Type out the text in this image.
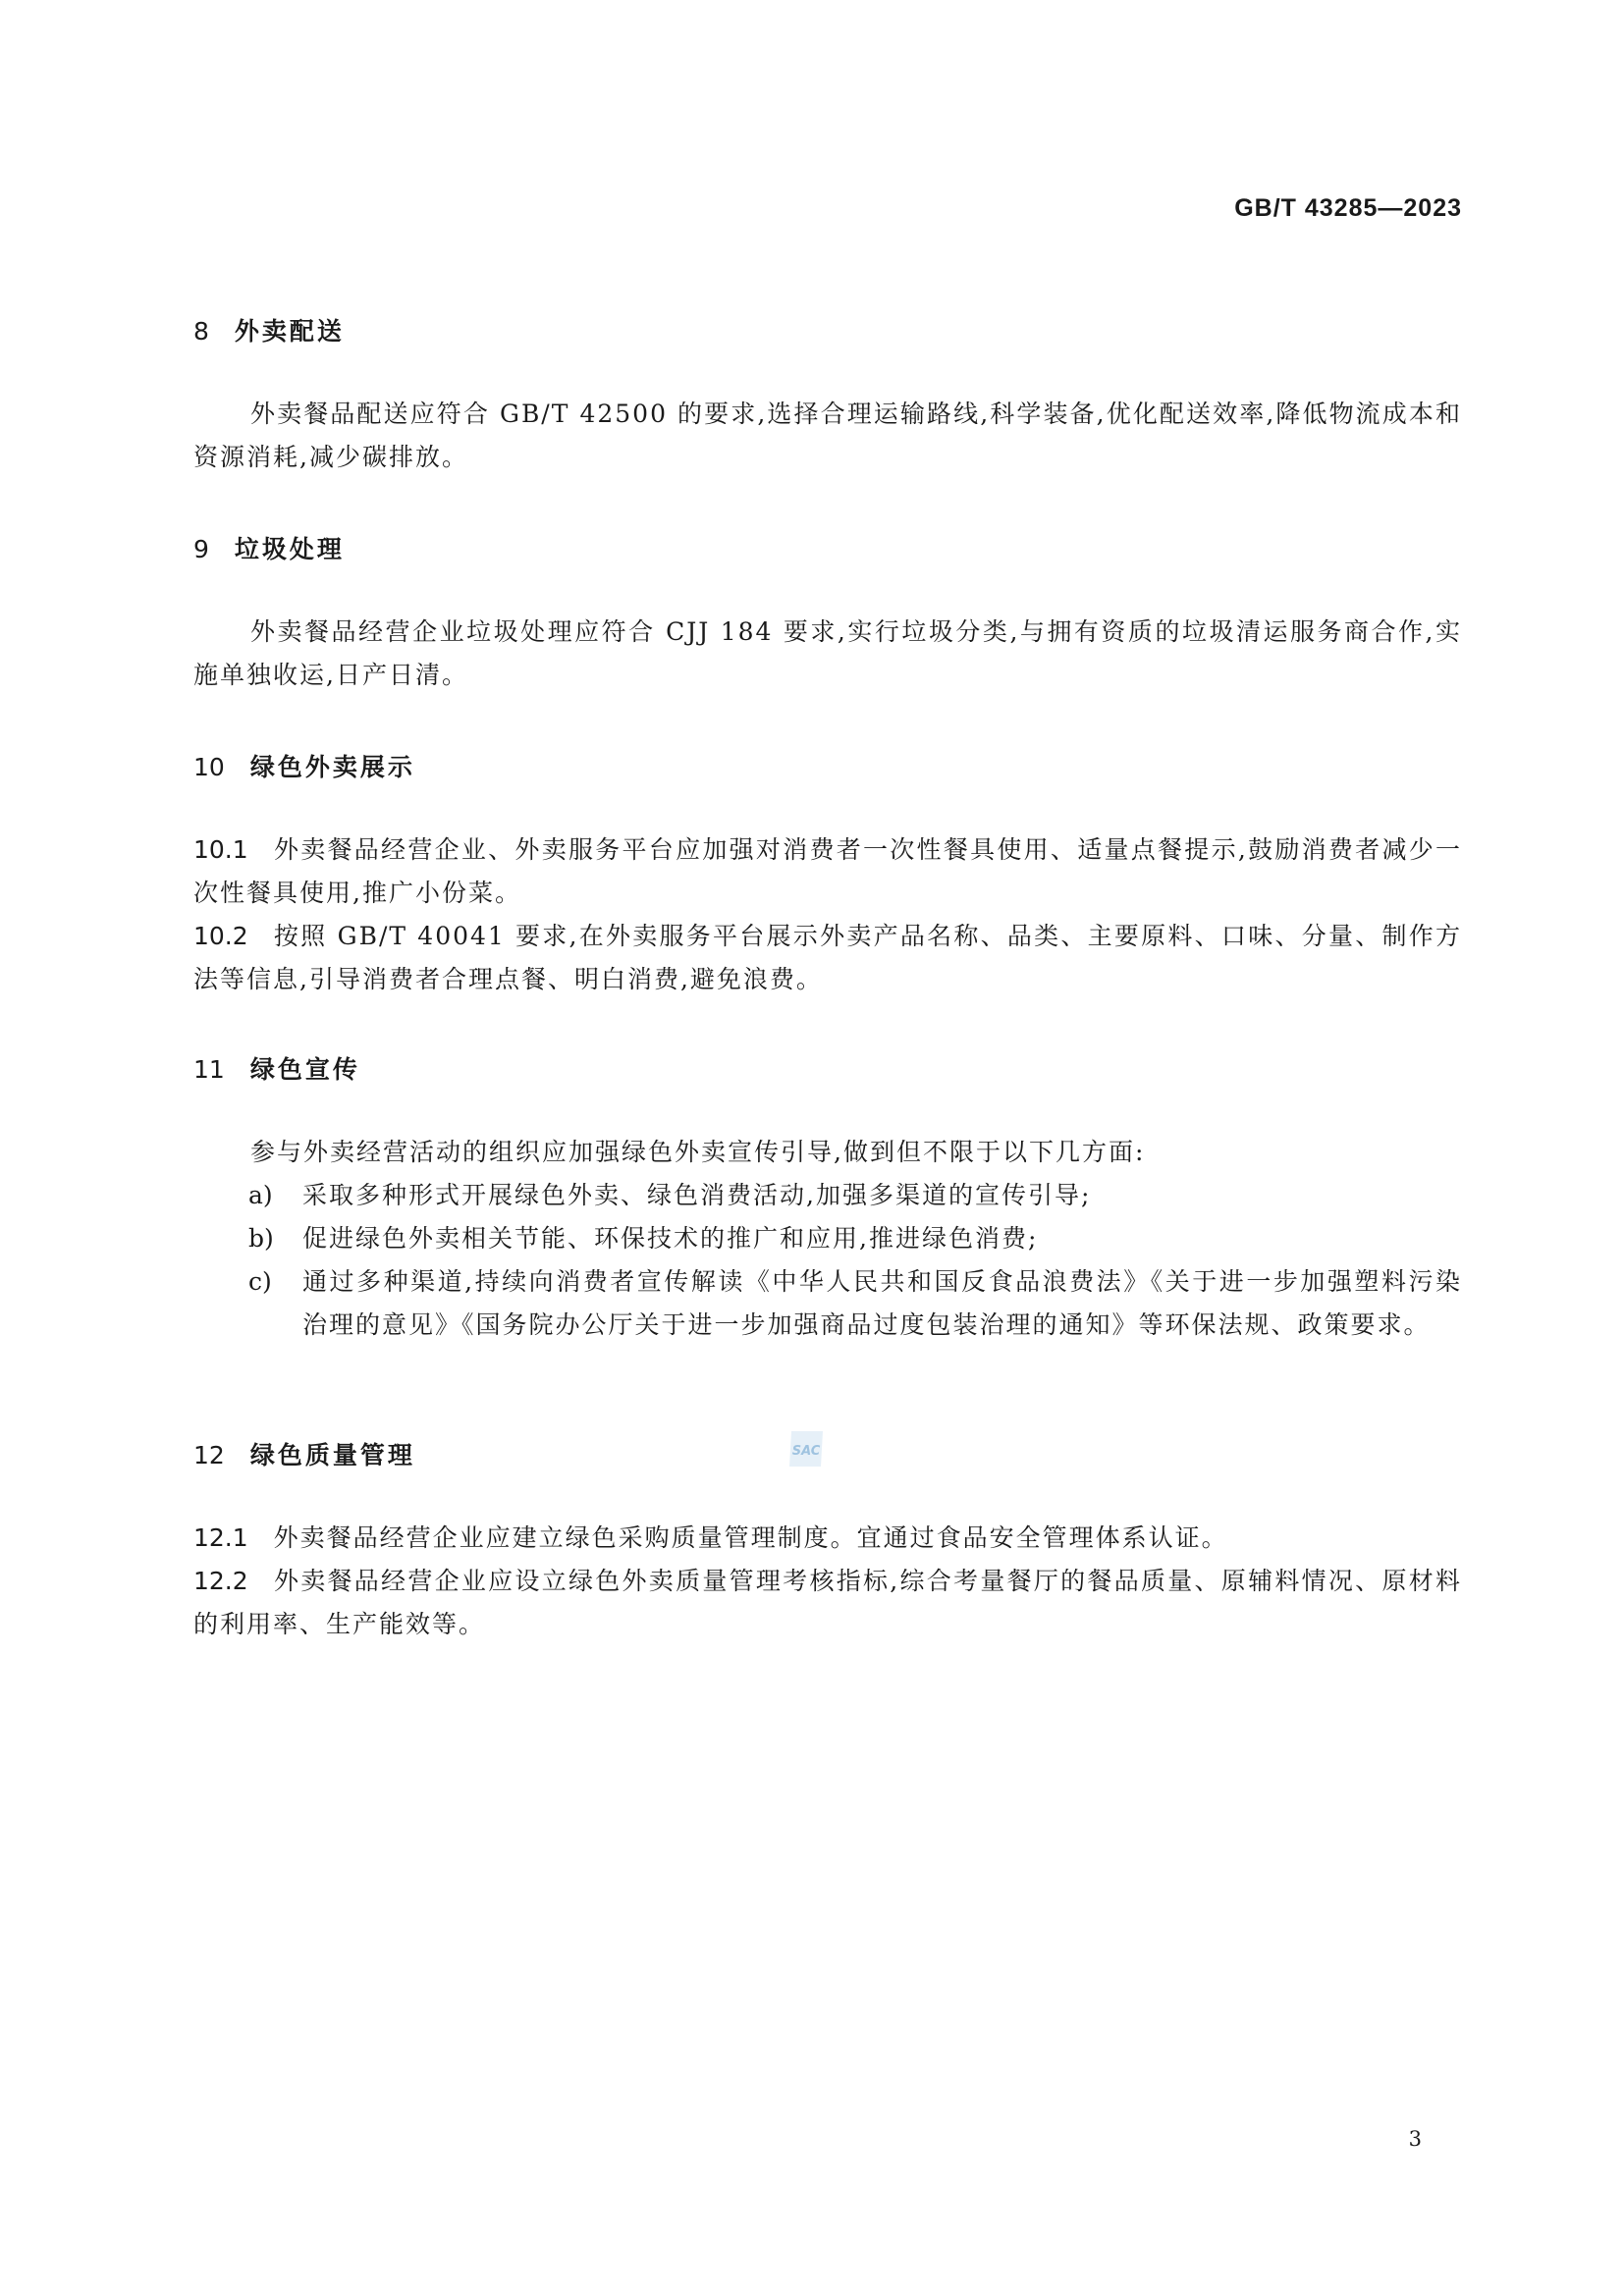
GB/T 43285—2023
8 外卖配送
外卖餐品配送应符合 GB/T 42500 的要求,选择合理运输路线,科学装备,优化配送效率,降低物流成本和资源消耗,减少碳排放。
9 垃圾处理
外卖餐品经营企业垃圾处理应符合 CJJ 184 要求,实行垃圾分类,与拥有资质的垃圾清运服务商合作,实施单独收运,日产日清。
10 绿色外卖展示
10.1 外卖餐品经营企业、外卖服务平台应加强对消费者一次性餐具使用、适量点餐提示,鼓励消费者减少一次性餐具使用,推广小份菜。
10.2 按照 GB/T 40041 要求,在外卖服务平台展示外卖产品名称、品类、主要原料、口味、分量、制作方法等信息,引导消费者合理点餐、明白消费,避免浪费。
11 绿色宣传
参与外卖经营活动的组织应加强绿色外卖宣传引导,做到但不限于以下几方面:
a) 采取多种形式开展绿色外卖、绿色消费活动,加强多渠道的宣传引导;
b) 促进绿色外卖相关节能、环保技术的推广和应用,推进绿色消费;
c) 通过多种渠道,持续向消费者宣传解读《中华人民共和国反食品浪费法》《关于进一步加强塑料污染治理的意见》《国务院办公厅关于进一步加强商品过度包装治理的通知》等环保法规、政策要求。
12 绿色质量管理
12.1 外卖餐品经营企业应建立绿色采购质量管理制度。宜通过食品安全管理体系认证。
12.2 外卖餐品经营企业应设立绿色外卖质量管理考核指标,综合考量餐厅的餐品质量、原辅料情况、原材料的利用率、生产能效等。
SAC
3
